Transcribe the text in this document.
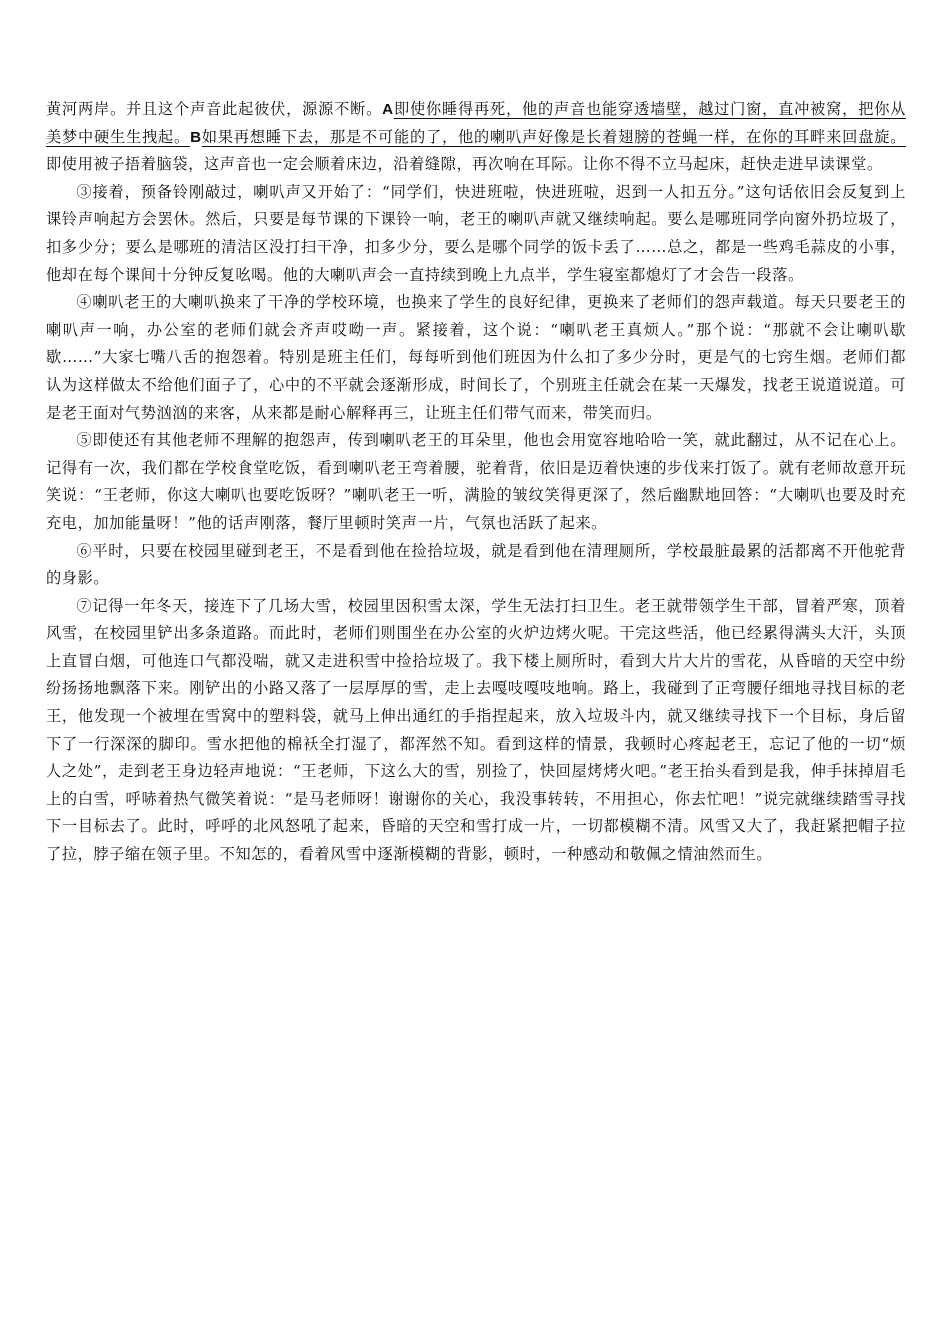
黄河两岸。并且这个声音此起彼伏，源源不断。A即使你睡得再死，他的声音也能穿透墙壁，越过门窗，直冲被窝，把你从美梦中硬生生拽起。B如果再想睡下去，那是不可能的了，他的喇叭声好像是长着翅膀的苍蝇一样，在你的耳畔来回盘旋。即使用被子捂着脑袋，这声音也一定会顺着床边，沿着缝隙，再次响在耳际。让你不得不立马起床，赶快走进早读课堂。

③接着，预备铃刚敲过，喇叭声又开始了：“同学们，快进班啦，快进班啦，迟到一人扣五分。”这句话依旧会反复到上课铃声响起方会罢休。然后，只要是每节课的下课铃一响，老王的喇叭声就又继续响起。要么是哪班同学向窗外扔垃圾了，扣多少分；要么是哪班的清洁区没打扫干净，扣多少分，要么是哪个同学的饭卡丢了……总之，都是一些鸡毛蒜皮的小事，他却在每个课间十分钟反复吆喝。他的大喇叭声会一直持续到晚上九点半，学生寝室都熄灯了才会告一段落。

④喇叭老王的大喇叭换来了干净的学校环境，也换来了学生的良好纪律，更换来了老师们的怨声载道。每天只要老王的喇叭声一响，办公室的老师们就会齐声哎呦一声。紧接着，这个说：“喇叭老王真烦人。”那个说：“那就不会让喇叭歇歇……”大家七嘴八舌的抱怨着。特别是班主任们，每每听到他们班因为什么扣了多少分时，更是气的七窍生烟。老师们都认为这样做太不给他们面子了，心中的不平就会逐渐形成，时间长了，个别班主任就会在某一天爆发，找老王说道说道。可是老王面对气势汹汹的来客，从来都是耐心解释再三，让班主任们带气而来，带笑而归。

⑤即使还有其他老师不理解的抱怨声，传到喇叭老王的耳朵里，他也会用宽容地哈哈一笑，就此翻过，从不记在心上。记得有一次，我们都在学校食堂吃饭，看到喇叭老王弯着腰，驼着背，依旧是迈着快速的步伐来打饭了。就有老师故意开玩笑说：“王老师，你这大喇叭也要吃饭呀？”喇叭老王一听，满脸的皱纹笑得更深了，然后幽默地回答：“大喇叭也要及时充充电，加加能量呀！”他的话声刚落，餐厅里顿时笑声一片，气氛也活跃了起来。

⑥平时，只要在校园里碰到老王，不是看到他在捡拾垃圾，就是看到他在清理厕所，学校最脏最累的活都离不开他驼背的身影。

⑦记得一年冬天，接连下了几场大雪，校园里因积雪太深，学生无法打扫卫生。老王就带领学生干部，冒着严寒，顶着风雪，在校园里铲出多条道路。而此时，老师们则围坐在办公室的火炉边烤火呢。干完这些活，他已经累得满头大汗，头顶上直冒白烟，可他连口气都没喘，就又走进积雪中捡拾垃圾了。我下楼上厕所时，看到大片大片的雪花，从昏暗的天空中纷纷扬扬地飘落下来。刚铲出的小路又落了一层厚厚的雪，走上去嘎吱嘎吱地响。路上，我碰到了正弯腰仔细地寻找目标的老王，他发现一个被埋在雪窝中的塑料袋，就马上伸出通红的手指捏起来，放入垃圾斗内，就又继续寻找下一个目标，身后留下了一行深深的脚印。雪水把他的棉袄全打湿了，都浑然不知。看到这样的情景，我顿时心疼起老王，忘记了他的一切“烦人之处”，走到老王身边轻声地说：“王老师，下这么大的雪，别捡了，快回屋烤烤火吧。”老王抬头看到是我，伸手抹掉眉毛上的白雪，呼哧着热气微笑着说：“是马老师呀！谢谢你的关心，我没事转转，不用担心，你去忙吧！”说完就继续踏雪寻找下一目标去了。此时，呼呼的北风怒吼了起来，昏暗的天空和雪打成一片，一切都模糊不清。风雪又大了，我赶紧把帽子拉了拉，脖子缩在领子里。不知怎的，看着风雪中逐渐模糊的背影，顿时，一种感动和敬佩之情油然而生。
